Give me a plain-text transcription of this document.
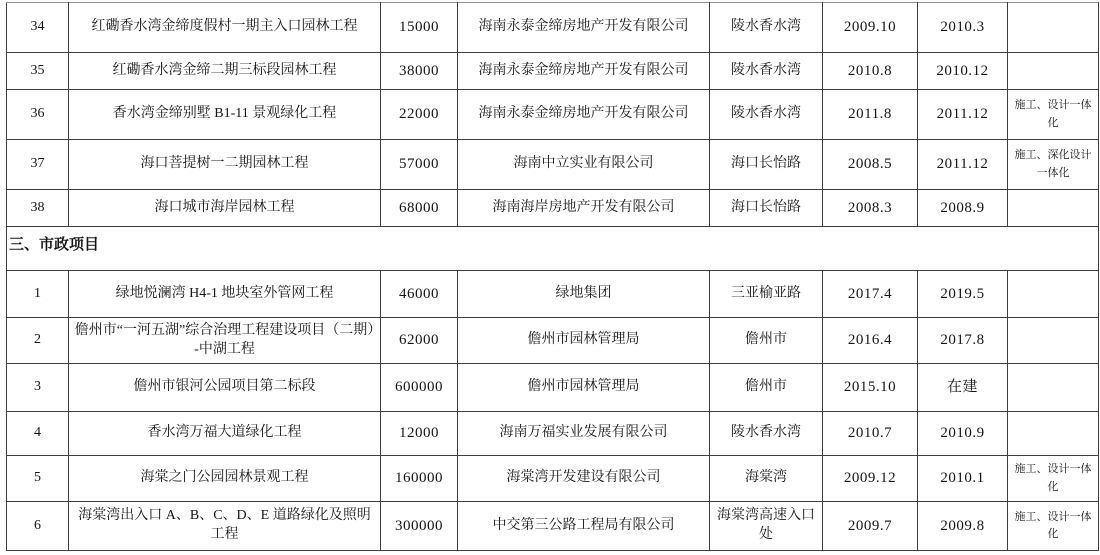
34	红磡香水湾金缔度假村一期主入口园林工程	15000	海南永泰金缔房地产开发有限公司	陵水香水湾	2009.10	2010.3	
35	红磡香水湾金缔二期三标段园林工程	38000	海南永泰金缔房地产开发有限公司	陵水香水湾	2010.8	2010.12	
36	香水湾金缔别墅 B1-11 景观绿化工程	22000	海南永泰金缔房地产开发有限公司	陵水香水湾	2011.8	2011.12	施工、设计一体化
37	海口菩提树一二期园林工程	57000	海南中立实业有限公司	海口长怡路	2008.5	2011.12	施工、深化设计一体化
38	海口城市海岸园林工程	68000	海南海岸房地产开发有限公司	海口长怡路	2008.3	2008.9	
三、市政项目							
1	绿地悦澜湾 H4-1 地块室外管网工程	46000	绿地集团	三亚榆亚路	2017.4	2019.5	
2	儋州市“一河五湖”综合治理工程建设项目（二期）-中湖工程	62000	儋州市园林管理局	儋州市	2016.4	2017.8	
3	儋州市银河公园项目第二标段	600000	儋州市园林管理局	儋州市	2015.10	在建	
4	香水湾万福大道绿化工程	12000	海南万福实业发展有限公司	陵水香水湾	2010.7	2010.9	
5	海棠之门公园园林景观工程	160000	海棠湾开发建设有限公司	海棠湾	2009.12	2010.1	施工、设计一体化
6	海棠湾出入口 A、B、C、D、E 道路绿化及照明工程	300000	中交第三公路工程局有限公司	海棠湾高速入口处	2009.7	2009.8	施工、设计一体化
